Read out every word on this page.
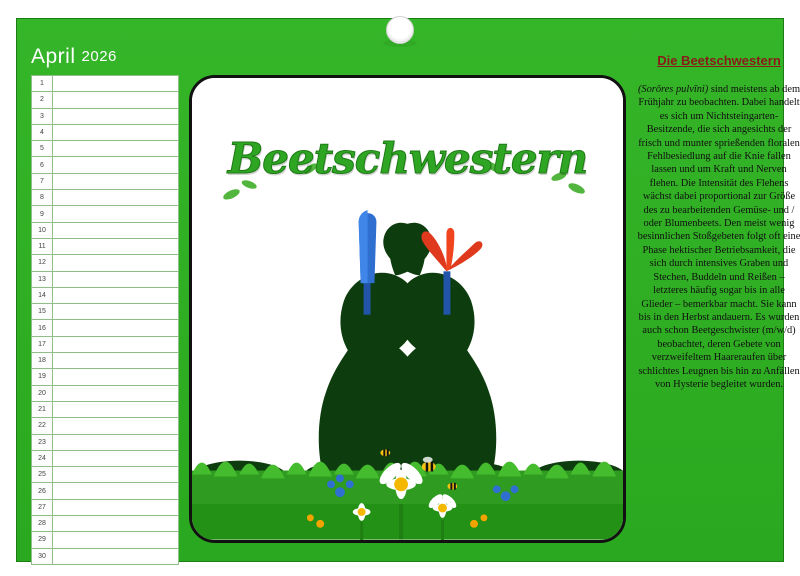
April 2026
1	
2	
3	
4	
5	
6	
7	
8	
9	
10	
11	
12	
13	
14	
15	
16	
17	
18	
19	
20	
21	
22	
23	
24	
25	
26	
27	
28	
29	
30	
Beetschwestern
Die Beetschwestern
(Sorōres pulvīni) sind meistens ab dem Frühjahr zu beobachten. Dabei handelt es sich um Nichtsteingarten-Besitzende, die sich angesichts der frisch und munter sprießenden floralen Fehlbesiedlung auf die Knie fallen lassen und um Kraft und Nerven flehen. Die Intensität des Flehens wächst dabei proportional zur Größe des zu bearbeitenden Gemüse- und / oder Blumenbeets. Den meist wenig besinnlichen Stoßgebeten folgt oft eine Phase hektischer Betriebsamkeit, die sich durch intensives Graben und Stechen, Buddeln und Reißen – letzteres häufig sogar bis in alle Glieder – bemerkbar macht. Sie kann bis in den Herbst andauern. Es wurden auch schon Beetgeschwister (m/w/d) beobachtet, deren Gebete von verzweifeltem Haareraufen über schlichtes Leugnen bis hin zu Anfällen von Hysterie begleitet wurden.
